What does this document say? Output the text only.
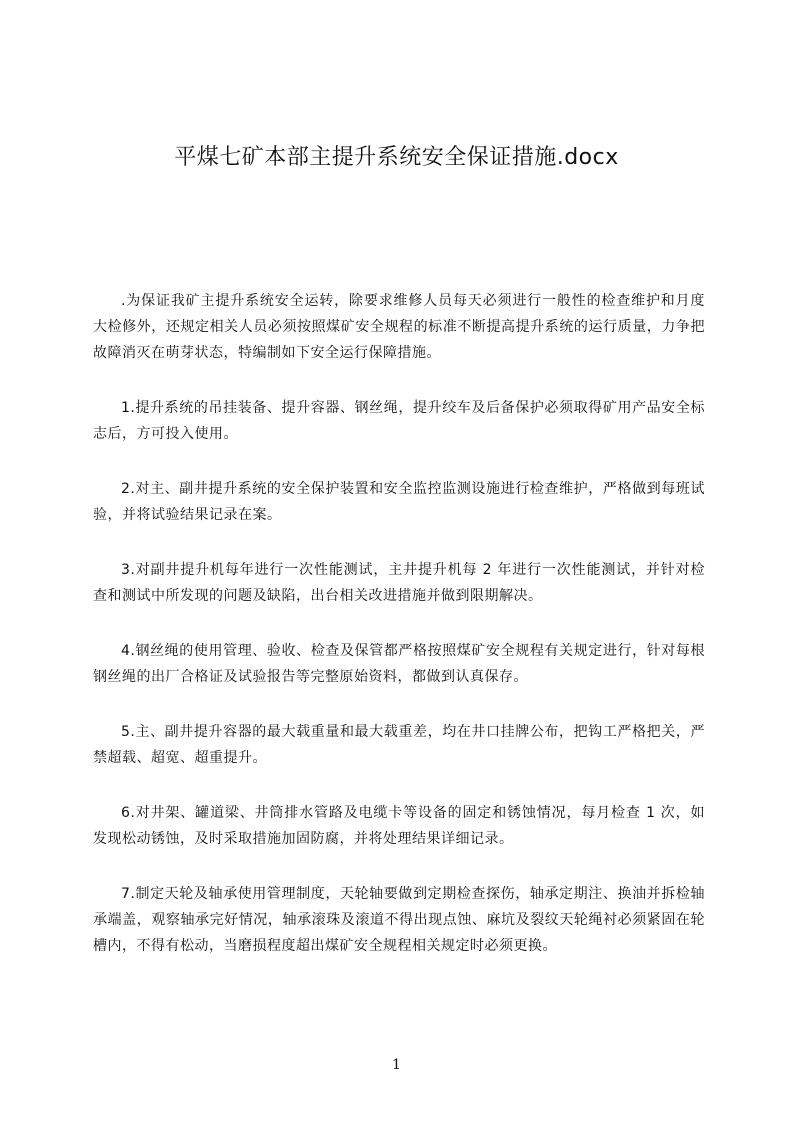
平煤七矿本部主提升系统安全保证措施.docx

.为保证我矿主提升系统安全运转，除要求维修人员每天必须进行一般性的检查维护和月度大检修外，还规定相关人员必须按照煤矿安全规程的标准不断提高提升系统的运行质量，力争把故障消灭在萌芽状态，特编制如下安全运行保障措施。

1.提升系统的吊挂装备、提升容器、钢丝绳，提升绞车及后备保护必须取得矿用产品安全标志后，方可投入使用。

2.对主、副井提升系统的安全保护装置和安全监控监测设施进行检查维护，严格做到每班试验，并将试验结果记录在案。

3.对副井提升机每年进行一次性能测试，主井提升机每 2 年进行一次性能测试，并针对检查和测试中所发现的问题及缺陷，出台相关改进措施并做到限期解决。

4.钢丝绳的使用管理、验收、检查及保管都严格按照煤矿安全规程有关规定进行，针对每根钢丝绳的出厂合格证及试验报告等完整原始资料，都做到认真保存。

5.主、副井提升容器的最大载重量和最大载重差，均在井口挂牌公布，把钩工严格把关，严禁超载、超宽、超重提升。

6.对井架、罐道梁、井筒排水管路及电缆卡等设备的固定和锈蚀情况，每月检查 1 次，如发现松动锈蚀，及时采取措施加固防腐，并将处理结果详细记录。

7.制定天轮及轴承使用管理制度，天轮轴要做到定期检查探伤，轴承定期注、换油并拆检轴承端盖，观察轴承完好情况，轴承滚珠及滚道不得出现点蚀、麻坑及裂纹天轮绳衬必须紧固在轮槽内，不得有松动，当磨损程度超出煤矿安全规程相关规定时必须更换。

1
